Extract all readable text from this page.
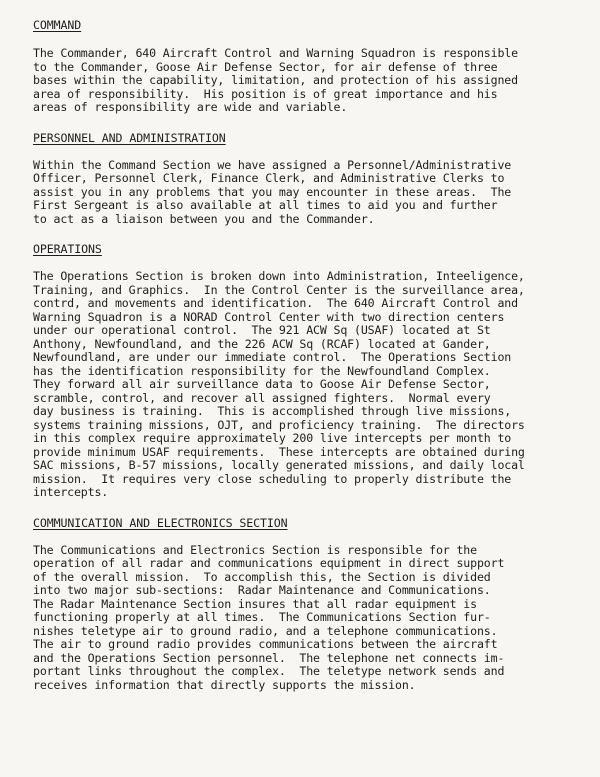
COMMAND
The Commander, 640 Aircraft Control and Warning Squadron is responsible
to the Commander, Goose Air Defense Sector, for air defense of three
bases within the capability, limitation, and protection of his assigned
area of responsibility.  His position is of great importance and his
areas of responsibility are wide and variable.
PERSONNEL AND ADMINISTRATION
Within the Command Section we have assigned a Personnel/Administrative
Officer, Personnel Clerk, Finance Clerk, and Administrative Clerks to
assist you in any problems that you may encounter in these areas.  The
First Sergeant is also available at all times to aid you and further
to act as a liaison between you and the Commander.
OPERATIONS
The Operations Section is broken down into Administration, Inteeligence,
Training, and Graphics.  In the Control Center is the surveillance area,
contrd, and movements and identification.  The 640 Aircraft Control and
Warning Squadron is a NORAD Control Center with two direction centers
under our operational control.  The 921 ACW Sq (USAF) located at St
Anthony, Newfoundland, and the 226 ACW Sq (RCAF) located at Gander,
Newfoundland, are under our immediate control.  The Operations Section
has the identification responsibility for the Newfoundland Complex.
They forward all air surveillance data to Goose Air Defense Sector,
scramble, control, and recover all assigned fighters.  Normal every
day business is training.  This is accomplished through live missions,
systems training missions, OJT, and proficiency training.  The directors
in this complex require approximately 200 live intercepts per month to
provide minimum USAF requirements.  These intercepts are obtained during
SAC missions, B-57 missions, locally generated missions, and daily local
mission.  It requires very close scheduling to properly distribute the
intercepts.
COMMUNICATION AND ELECTRONICS SECTION
The Communications and Electronics Section is responsible for the
operation of all radar and communications equipment in direct support
of the overall mission.  To accomplish this, the Section is divided
into two major sub-sections:  Radar Maintenance and Communications.
The Radar Maintenance Section insures that all radar equipment is
functioning properly at all times.  The Communications Section fur-
nishes teletype air to ground radio, and a telephone communications.
The air to ground radio provides communications between the aircraft
and the Operations Section personnel.  The telephone net connects im-
portant links throughout the complex.  The teletype network sends and
receives information that directly supports the mission.
